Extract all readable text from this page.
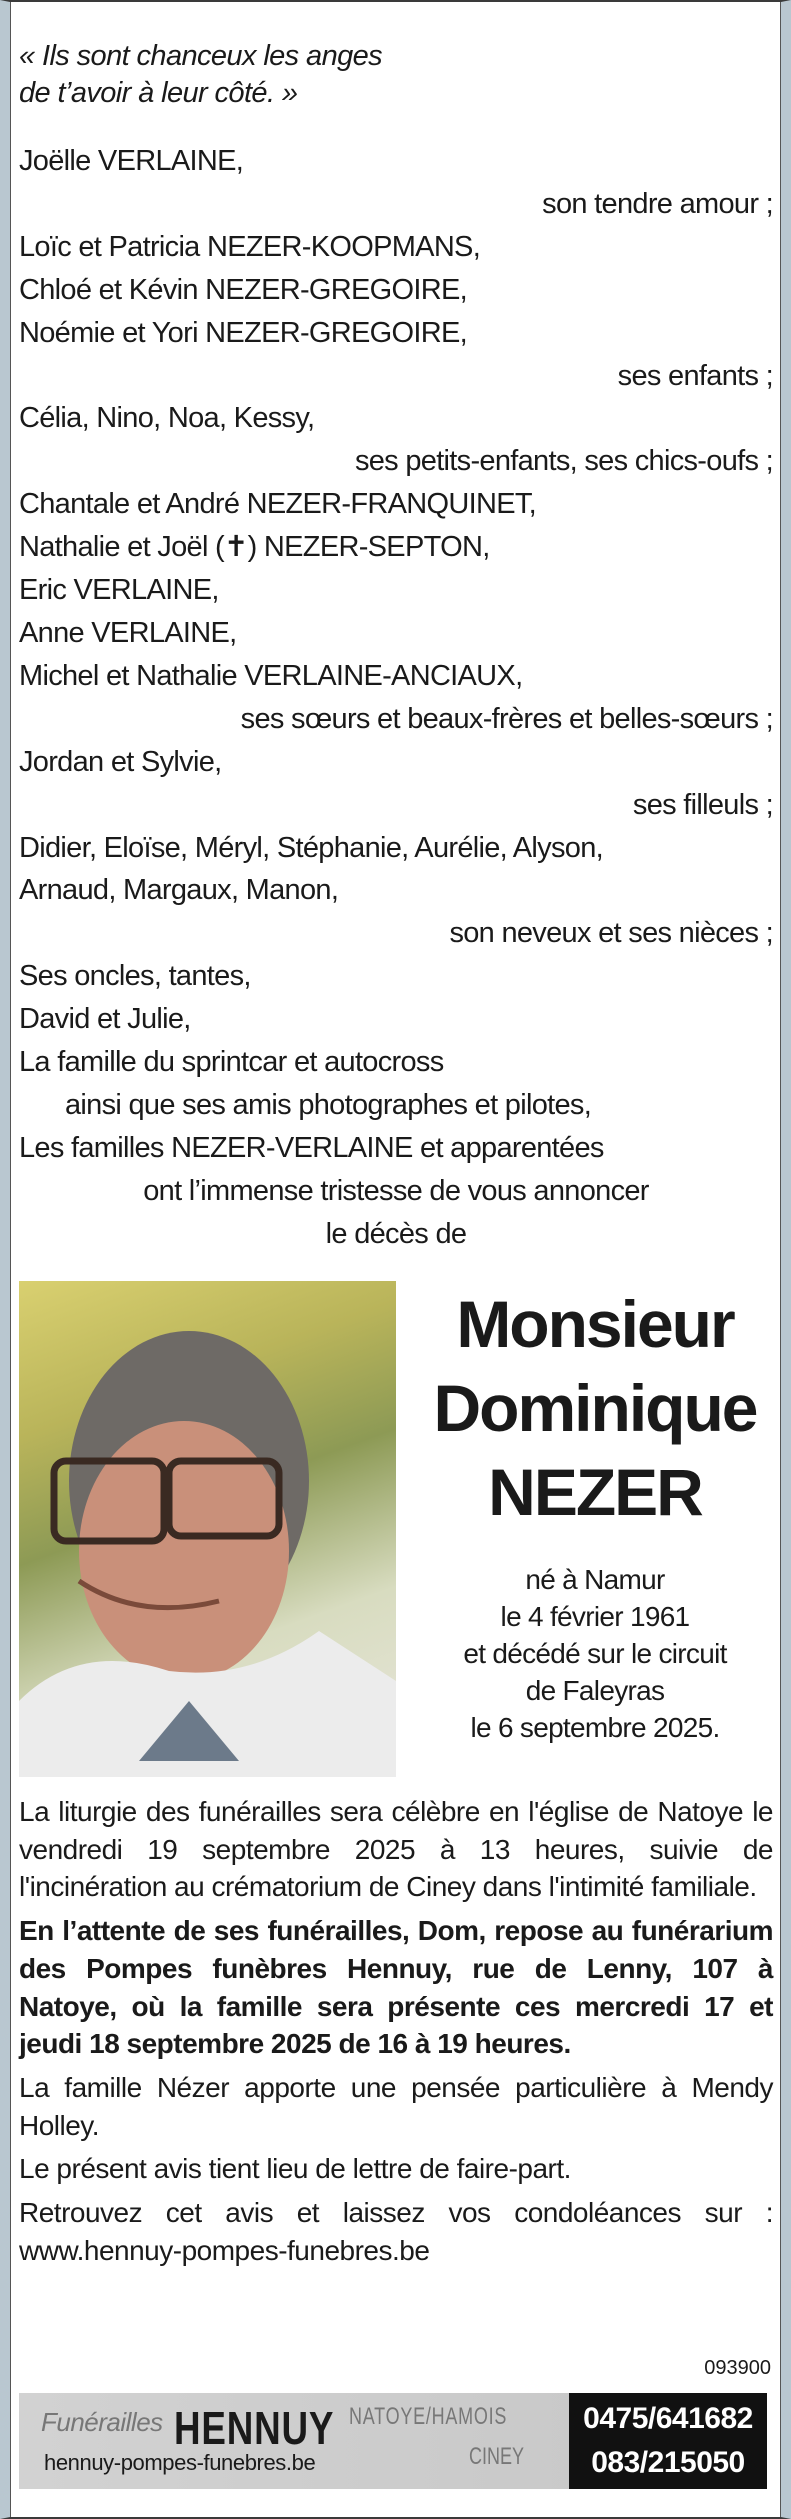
« Ils sont chanceux les anges
de t’avoir à leur côté. »
Joëlle VERLAINE,
son tendre amour ;
Loïc et Patricia NEZER-KOOPMANS,
Chloé et Kévin NEZER-GREGOIRE,
Noémie et Yori NEZER-GREGOIRE,
ses enfants ;
Célia, Nino, Noa, Kessy,
ses petits-enfants, ses chics-oufs ;
Chantale et André NEZER-FRANQUINET,
Nathalie et Joël (✝) NEZER-SEPTON,
Eric VERLAINE,
Anne VERLAINE,
Michel et Nathalie VERLAINE-ANCIAUX,
ses sœurs et beaux-frères et belles-sœurs ;
Jordan et Sylvie,
ses filleuls ;
Didier, Eloïse, Méryl, Stéphanie, Aurélie, Alyson,
Arnaud, Margaux, Manon,
son neveux et ses nièces ;
Ses oncles, tantes,
David et Julie,
La famille du sprintcar et autocross
ainsi que ses amis photographes et pilotes,
Les familles NEZER-VERLAINE et apparentées
ont l’immense tristesse de vous annoncer
le décès de
Monsieur
Dominique
NEZER
né à Namur
le 4 février 1961
et décédé sur le circuit
de Faleyras
le 6 septembre 2025.

La liturgie des funérailles sera célèbre en l'église de Natoye le vendredi 19 septembre 2025 à 13 heures, suivie de l'incinération au crématorium de Ciney dans l'intimité familiale.

En l’attente de ses funérailles, Dom, repose au funérarium des Pompes funèbres Hennuy, rue de Lenny, 107 à Natoye, où la famille sera présente ces mercredi 17 et jeudi 18 septembre 2025 de 16 à 19 heures.

La famille Nézer apporte une pensée particulière à Mendy Holley.

Le présent avis tient lieu de lettre de faire-part.

Retrouvez cet avis et laissez vos condoléances sur : www.hennuy-pompes-funebres.be

093900
Funérailles HENNUY NATOYE/HAMOIS
CINEY
hennuy-pompes-funebres.be
0475/641682
083/215050
